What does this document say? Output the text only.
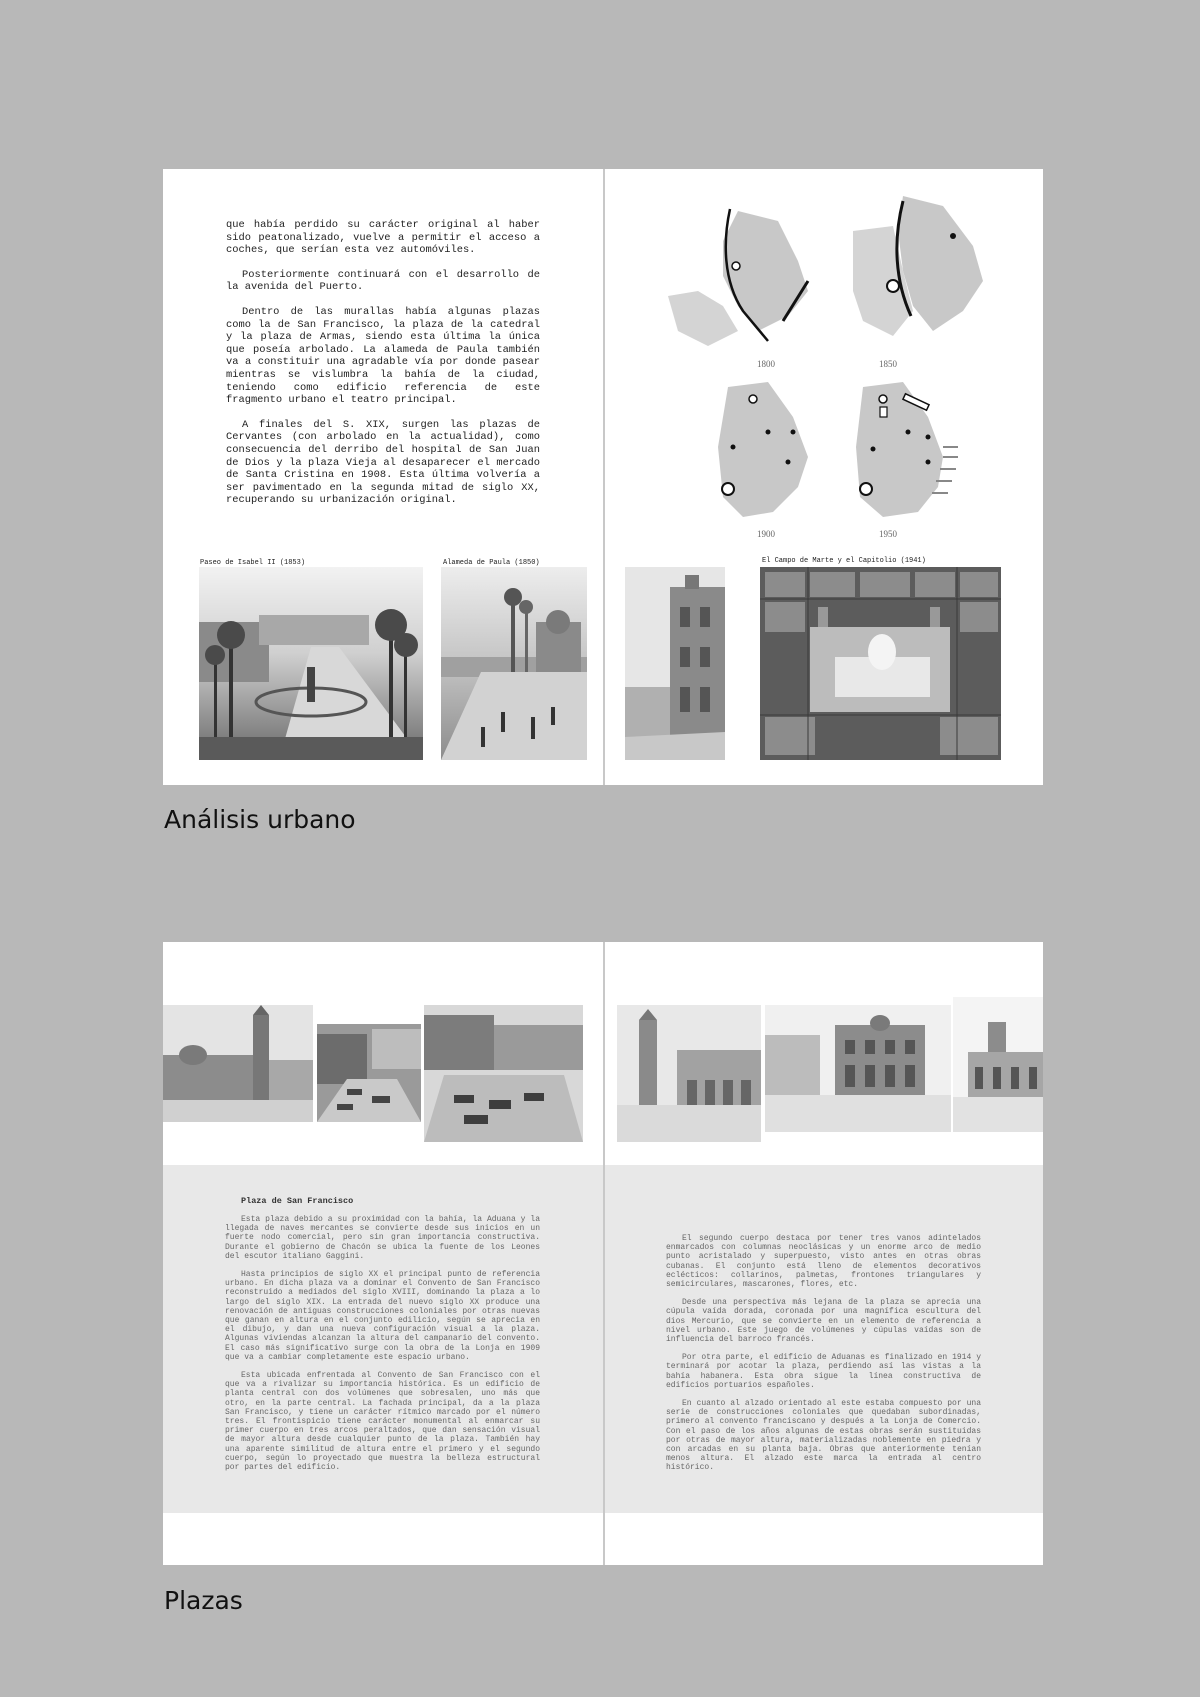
que había perdido su carácter original al haber sido peatonalizado, vuelve a permitir el acceso a coches, que serían esta vez automóviles.

Posteriormente continuará con el desarrollo de la avenida del Puerto.

Dentro de las murallas había algunas plazas como la de San Francisco, la plaza de la catedral y la plaza de Armas, siendo esta última la única que poseía arbolado. La alameda de Paula también va a constituir una agradable vía por donde pasear mientras se vislumbra la bahía de la ciudad, teniendo como edificio referencia de este fragmento urbano el teatro principal.

A finales del S. XIX, surgen las plazas de Cervantes (con arbolado en la actualidad), como consecuencia del derribo del hospital de San Juan de Dios y la plaza Vieja al desaparecer el mercado de Santa Cristina en 1908. Esta última volvería a ser pavimentado en la segunda mitad de siglo XX, recuperando su urbanización original.

Paseo de Isabel II (1853)	Alameda de Paula (1850)	El Campo de Marte y el Capitolio (1941)
1800	1850
1900	1950
Análisis urbano
Plaza de San Francisco

Esta plaza debido a su proximidad con la bahía, la Aduana y la llegada de naves mercantes se convierte desde sus inicios en un fuerte nodo comercial, pero sin gran importancia constructiva. Durante el gobierno de Chacón se ubica la fuente de los Leones del escutor italiano Gaggini.

Hasta principios de siglo XX el principal punto de referencia urbano. En dicha plaza va a dominar el Convento de San Francisco reconstruido a mediados del siglo XVIII, dominando la plaza a lo largo del siglo XIX. La entrada del nuevo siglo XX produce una renovación de antiguas construcciones coloniales por otras nuevas que ganan en altura en el conjunto edilicio, según se aprecia en el dibujo, y dan una nueva configuración visual a la plaza. Algunas viviendas alcanzan la altura del campanario del convento. El caso más significativo surge con la obra de la Lonja en 1909 que va a cambiar completamente este espacio urbano.

Esta ubicada enfrentada al Convento de San Francisco con el que va a rivalizar su importancia histórica. Es un edificio de planta central con dos volúmenes que sobresalen, uno más que otro, en la parte central. La fachada principal, da a la plaza San Francisco, y tiene un carácter rítmico marcado por el número tres. El frontispicio tiene carácter monumental al enmarcar su primer cuerpo en tres arcos peraltados, que dan sensación visual de mayor altura desde cualquier punto de la plaza. También hay una aparente similitud de altura entre el primero y el segundo cuerpo, según lo proyectado que muestra la belleza estructural por partes del edificio.

El segundo cuerpo destaca por tener tres vanos adintelados enmarcados con columnas neoclásicas y un enorme arco de medio punto acristalado y superpuesto, visto antes en otras obras cubanas. El conjunto está lleno de elementos decorativos eclécticos: collarinos, palmetas, frontones triangulares y semicirculares, mascarones, flores, etc.

Desde una perspectiva más lejana de la plaza se aprecia una cúpula vaída dorada, coronada por una magnífica escultura del dios Mercurio, que se convierte en un elemento de referencia a nivel urbano. Este juego de volúmenes y cúpulas vaídas son de influencia del barroco francés.

Por otra parte, el edificio de Aduanas es finalizado en 1914 y terminará por acotar la plaza, perdiendo así las vistas a la bahía habanera. Esta obra sigue la línea constructiva de edificios portuarios españoles.

En cuanto al alzado orientado al este estaba compuesto por una serie de construcciones coloniales que quedaban subordinadas, primero al convento franciscano y después a la Lonja de Comercio. Con el paso de los años algunas de estas obras serán sustituidas por otras de mayor altura, materializadas noblemente en piedra y con arcadas en su planta baja. Obras que anteriormente tenían menos altura. El alzado este marca la entrada al centro histórico.

Plazas
